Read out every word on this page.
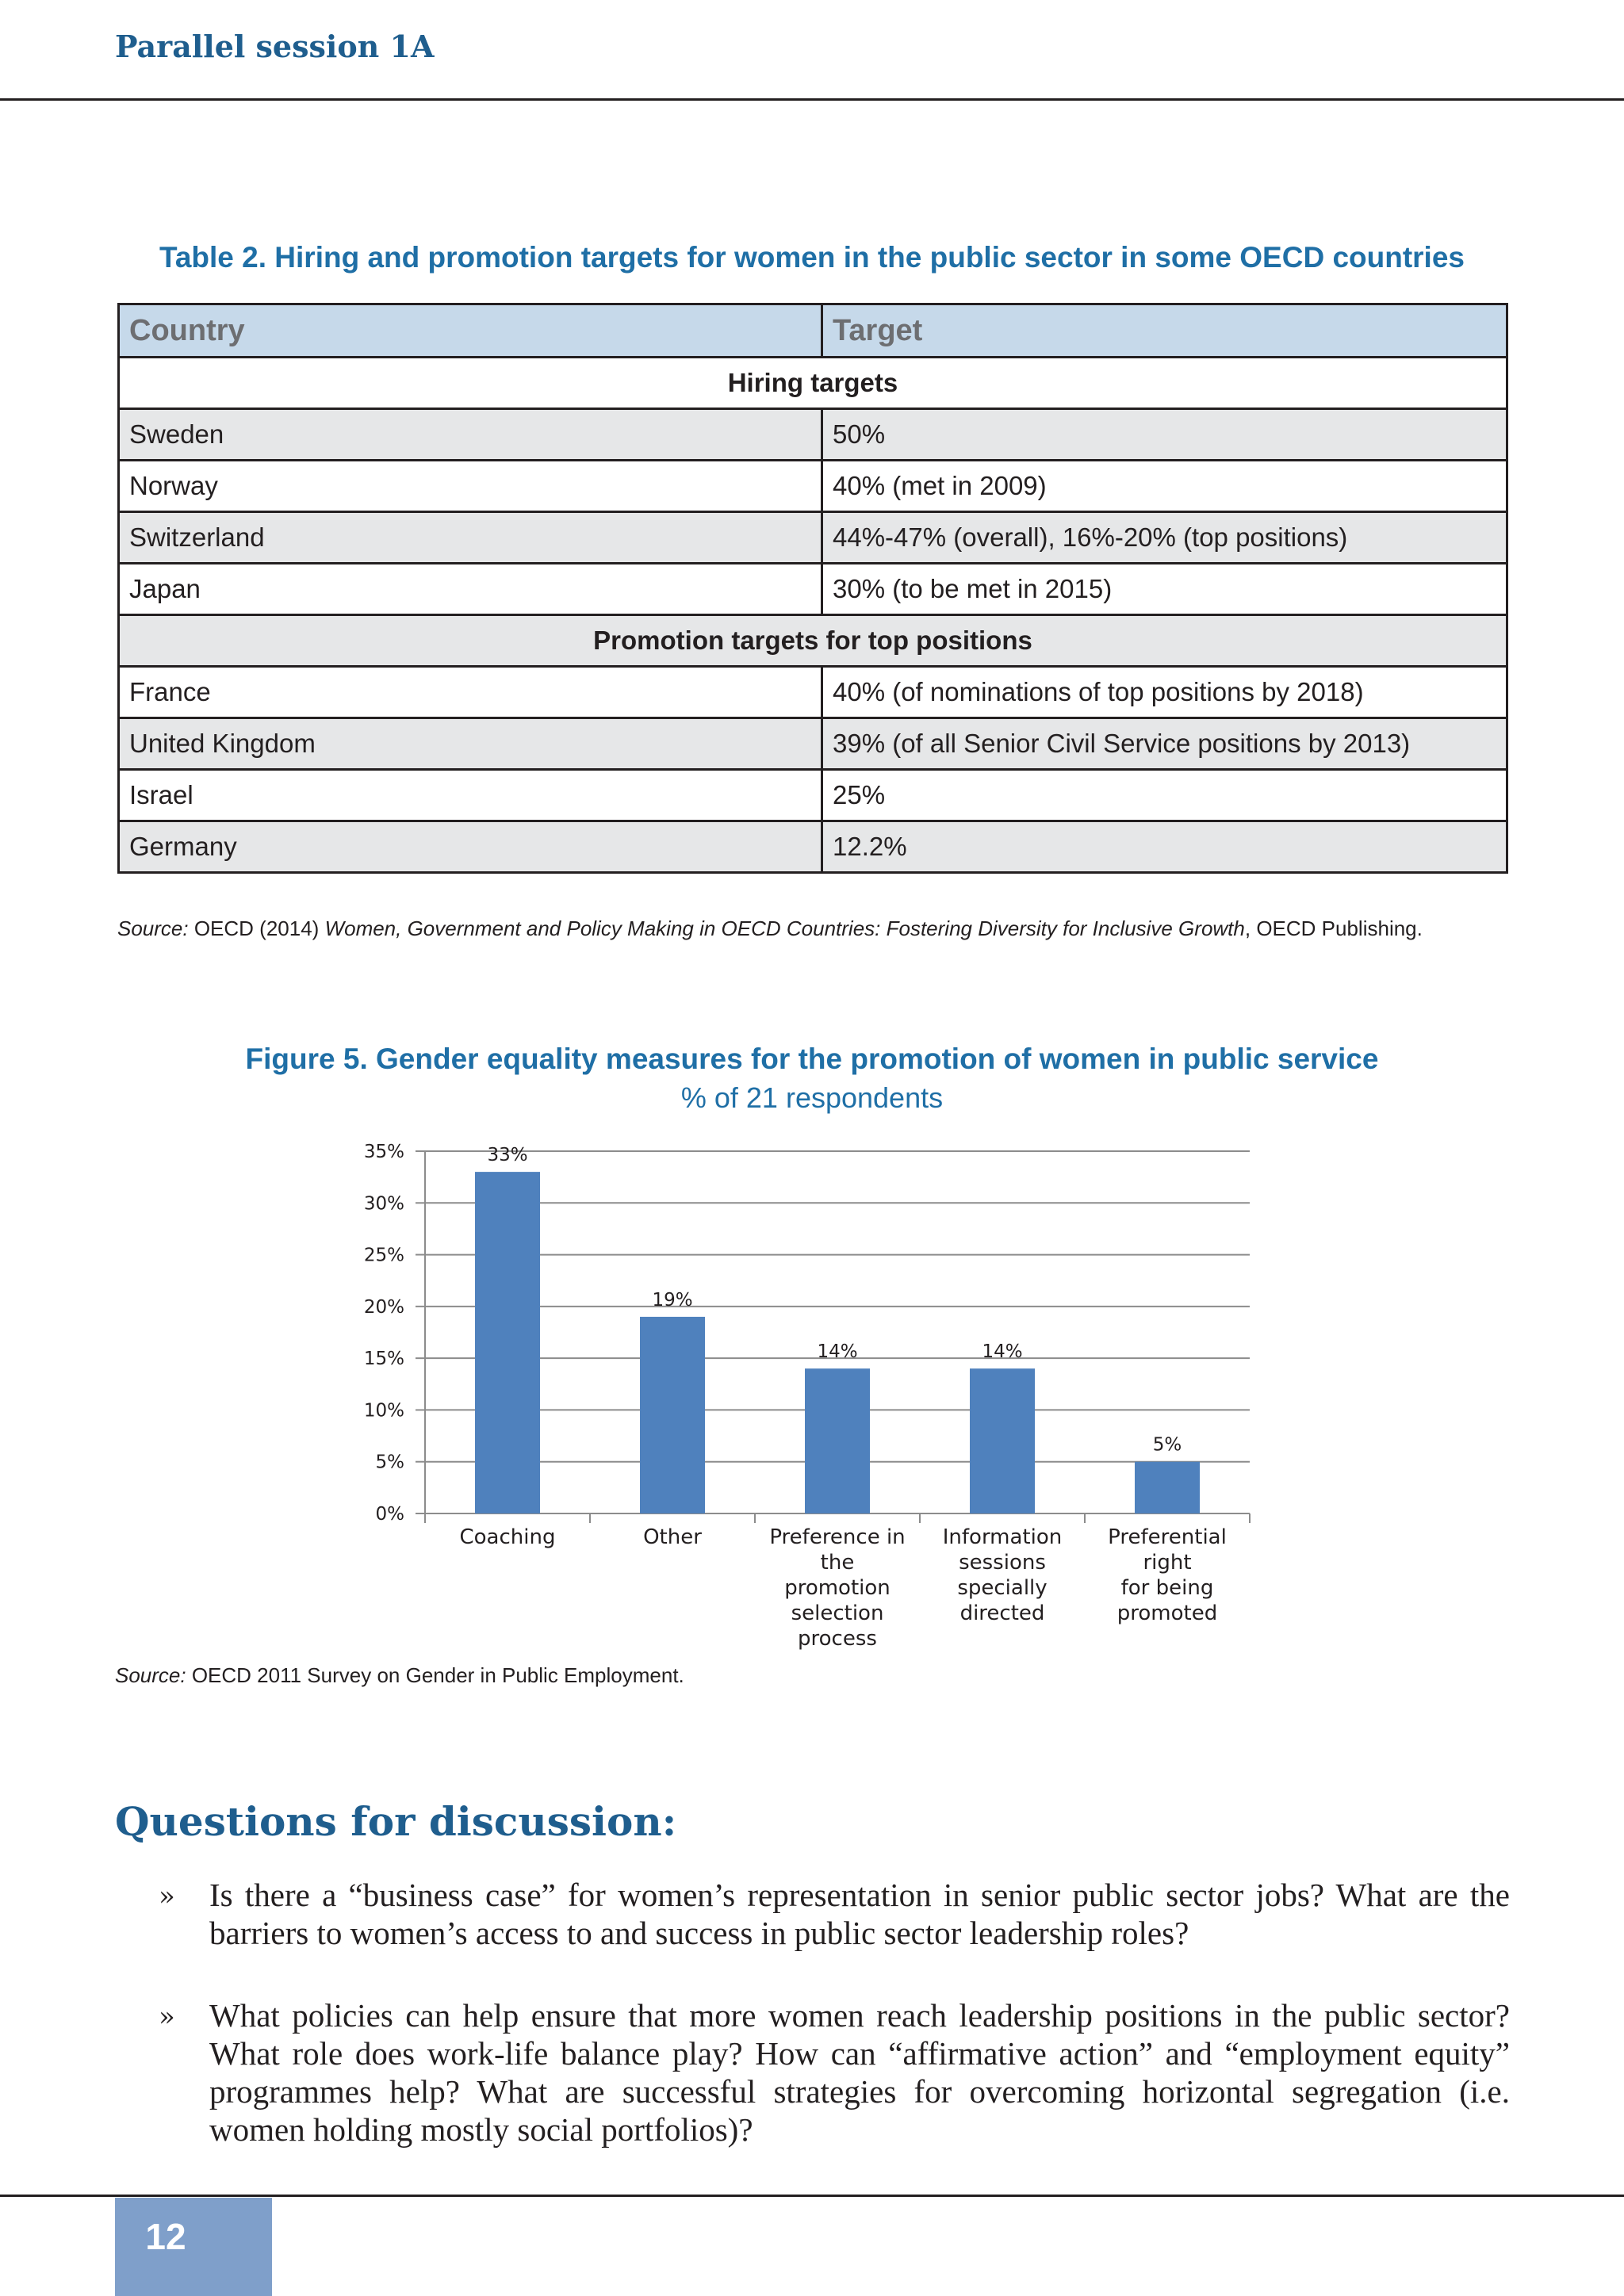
Parallel session 1A
Table 2. Hiring and promotion targets for women in the public sector in some OECD countries
Country	Target
Hiring targets	
Sweden	50%
Norway	40% (met in 2009)
Switzerland	44%-47% (overall), 16%-20% (top positions)
Japan	30% (to be met in 2015)
Promotion targets for top positions	
France	40% (of nominations of top positions by 2018)
United Kingdom	39% (of all Senior Civil Service positions by 2013)
Israel	25%
Germany	12.2%
Source: OECD (2014) Women, Government and Policy Making in OECD Countries: Fostering Diversity for Inclusive Growth, OECD Publishing.
Figure 5. Gender equality measures for the promotion of women in public service
% of 21 respondents
0%
5%
10%
15%
20%
25%
30%
35%	33%
19%
14%	14%
5%
Coaching	Other	Preference in the
promotion
selection
process
Information
sessions
specially
directed
Preferential right
for being
promoted
Source: OECD 2011 Survey on Gender in Public Employment.
Questions for discussion:
» Is there a “business case” for women’s representation in senior public sector jobs? What are the barriers to women’s access to and success in public sector leadership roles?
» What policies can help ensure that more women reach leadership positions in the public sector? What role does work-life balance play? How can “affirmative action” and “employment equity” programmes help? What are successful strategies for overcoming horizontal segregation (i.e. women holding mostly social portfolios)?
12
